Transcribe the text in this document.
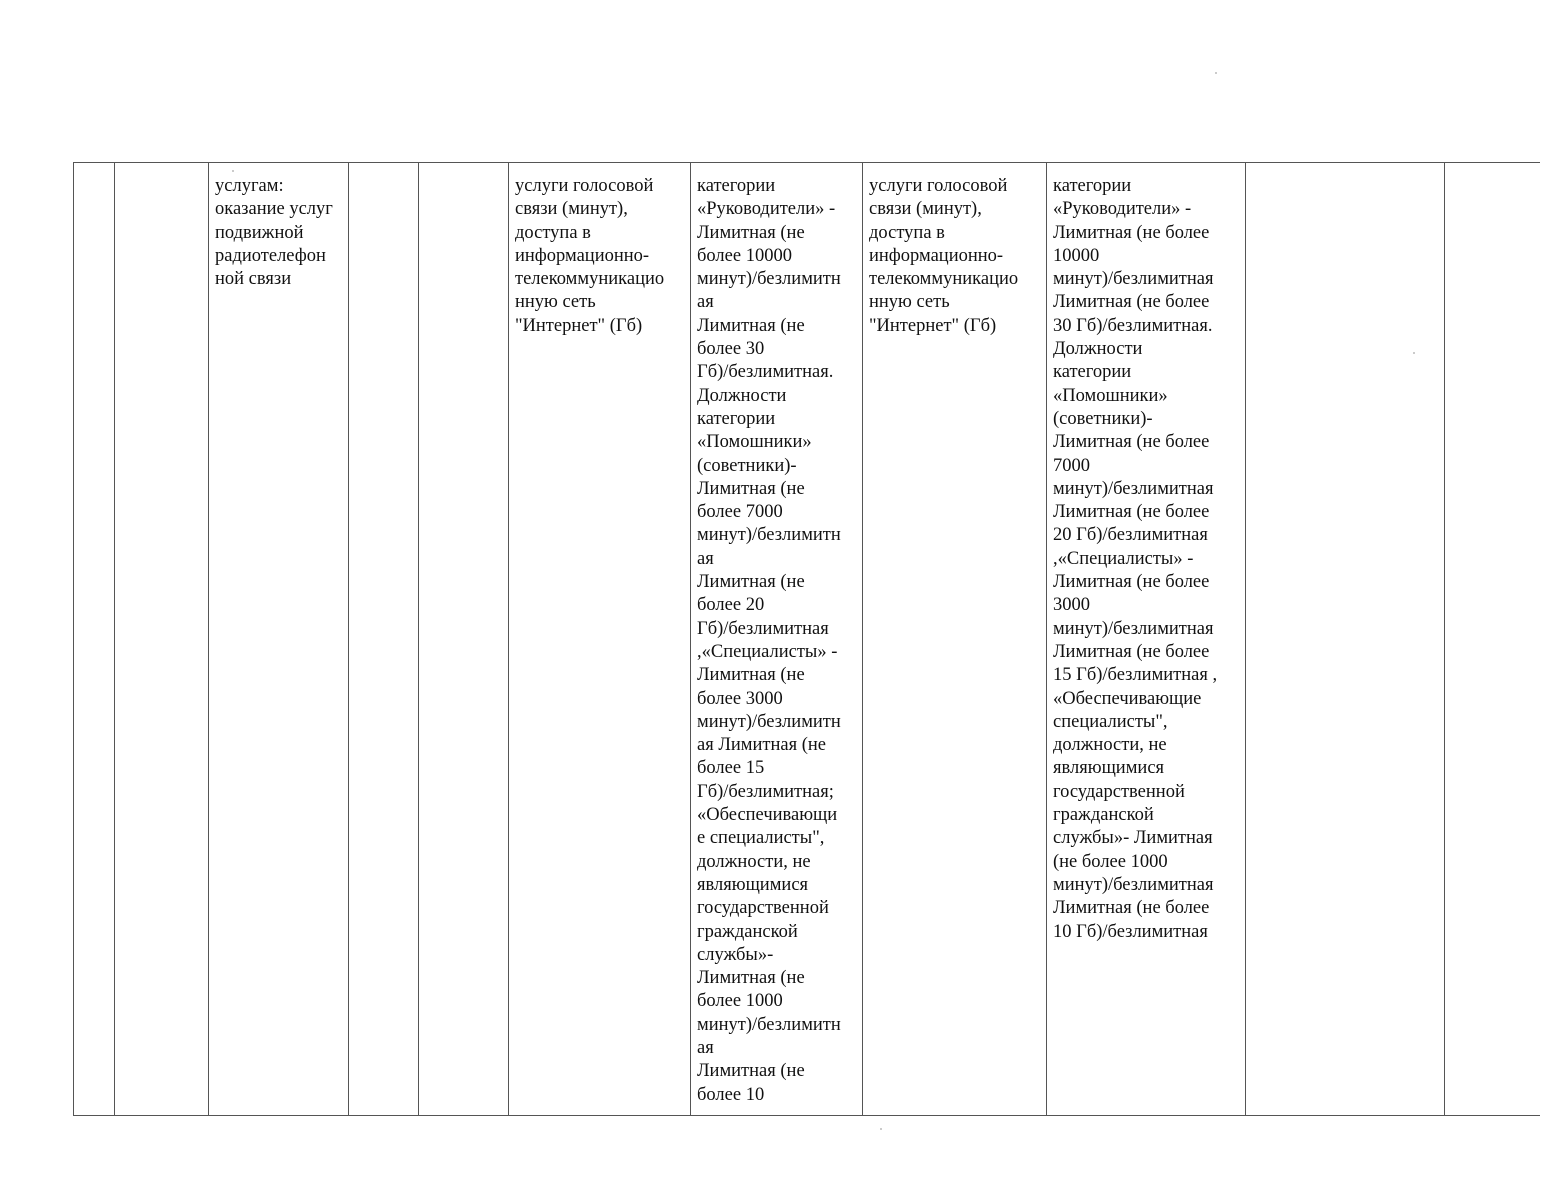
		услугам:
оказание услуг
подвижной
радиотелефон
ной связи			услуги голосовой
связи (минут),
доступа в
информационно-
телекоммуникацио
нную сеть
"Интернет" (Гб)	категории
«Руководители» -
Лимитная (не
более 10000
минут)/безлимитн
ая
Лимитная (не
более 30
Гб)/безлимитная.
Должности
категории
«Помошники»
(советники)-
Лимитная (не
более 7000
минут)/безлимитн
ая
Лимитная (не
более 20
Гб)/безлимитная
,«Специалисты» -
Лимитная (не
более 3000
минут)/безлимитн
ая Лимитная (не
более 15
Гб)/безлимитная;
«Обеспечивающи
е специалисты",
должности, не
являющимися
государственной
гражданской
службы»-
Лимитная (не
более 1000
минут)/безлимитн
ая
Лимитная (не
более 10	услуги голосовой
связи (минут),
доступа в
информационно-
телекоммуникацио
нную сеть
"Интернет" (Гб)	категории
«Руководители» -
Лимитная (не более
10000
минут)/безлимитная
Лимитная (не более
30 Гб)/безлимитная.
Должности
категории
«Помошники»
(советники)-
Лимитная (не более
7000
минут)/безлимитная
Лимитная (не более
20 Гб)/безлимитная
,«Специалисты» -
Лимитная (не более
3000
минут)/безлимитная
Лимитная (не более
15 Гб)/безлимитная ,
«Обеспечивающие
специалисты",
должности, не
являющимися
государственной
гражданской
службы»- Лимитная
(не более 1000
минут)/безлимитная
Лимитная (не более
10 Гб)/безлимитная		
